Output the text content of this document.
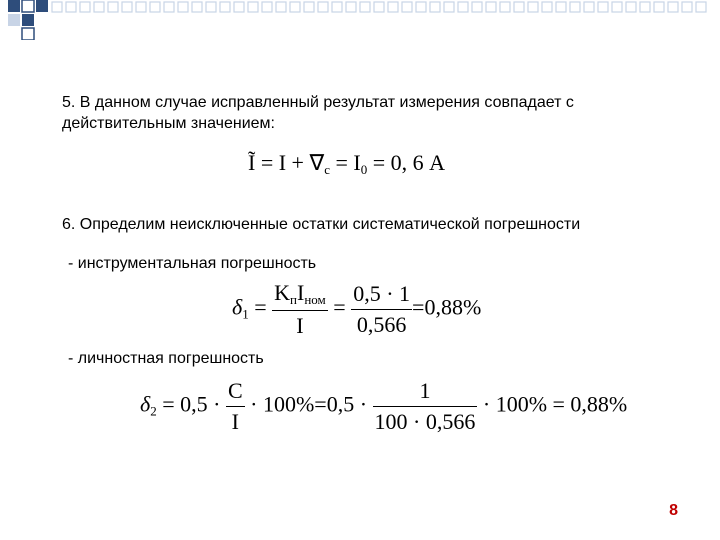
5. В данном случае исправленный результат измерения совпадает с
действительным значением:
Ĩ = $I + \nabla_с = I_0 = 0$, 6 А
6. Определим неисключенные остатки систематической погрешности
- инструментальная погрешность
$\delta_1 = \frac{K_пI_{ном}}{I} = \frac{0,5 \cdot 1}{0,566} =0,88\%$
- личностная погрешность
$\delta_2 = 0,5 \cdot \frac{C}{I} \cdot 100\%=0,5 \cdot \frac{1}{100 \cdot 0,566} \cdot 100\% = 0,88\%$
8
